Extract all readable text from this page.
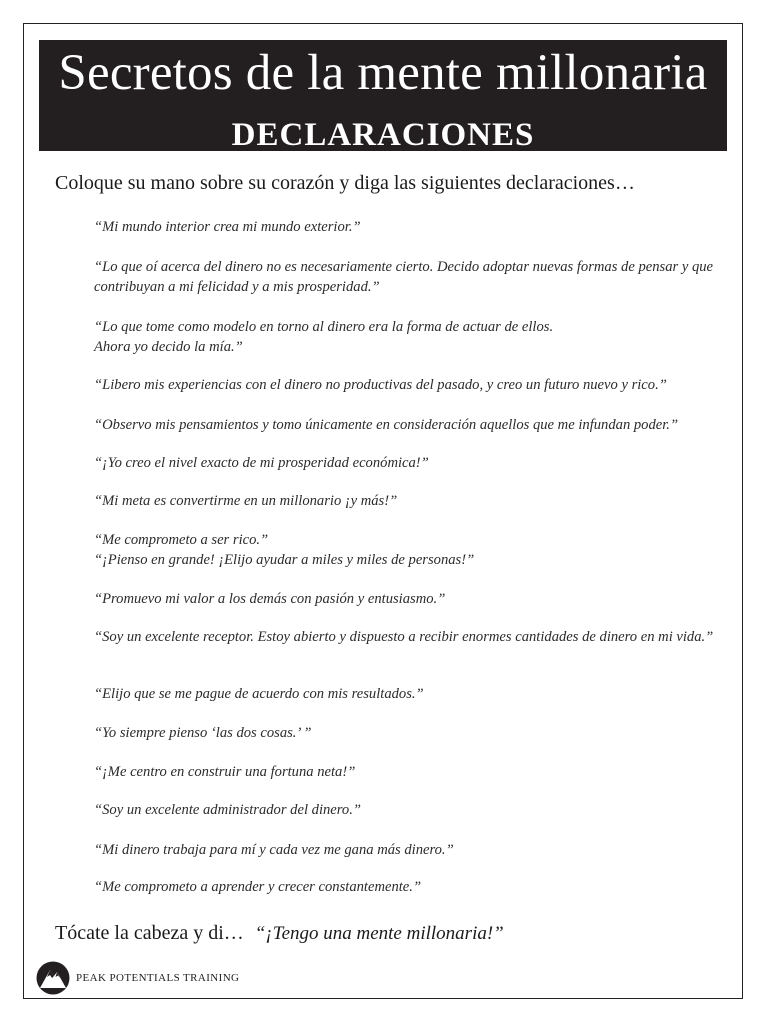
Secretos de la mente millonaria
DECLARACIONES
Coloque su mano sobre su corazón y diga las siguientes declaraciones…
“Mi mundo interior crea mi mundo exterior.”
“Lo que oí acerca del dinero no es necesariamente cierto. Decido adoptar nuevas formas de pensar y que contribuyan a mi felicidad y a mis prosperidad.”
“Lo que tome como modelo en torno al dinero era la forma de actuar de ellos.
Ahora yo decido la mía.”
“Libero mis experiencias con el dinero no productivas del pasado, y creo un futuro nuevo y rico.”
“Observo mis pensamientos y tomo únicamente en consideración aquellos que me infundan poder.”
“¡Yo creo el nivel exacto de mi prosperidad económica!”
“Mi meta es convertirme en un millonario ¡y más!”
“Me comprometo a ser rico.”
“¡Pienso en grande! ¡Elijo ayudar a miles y miles de personas!”
“Promuevo mi valor a los demás con pasión y entusiasmo.”
“Soy un excelente receptor. Estoy abierto y dispuesto a recibir enormes cantidades de dinero en mi vida.”
“Elijo que se me pague de acuerdo con mis resultados.”
“Yo siempre pienso ‘las dos cosas.’ ”
“¡Me centro en construir una fortuna neta!”
“Soy un excelente administrador del dinero.”
“Mi dinero trabaja para mí y cada vez me gana más dinero.”
“Me comprometo a aprender y crecer constantemente.”
Tócate la cabeza y di… “¡Tengo una mente millonaria!”
PEAK POTENTIALS TRAINING
